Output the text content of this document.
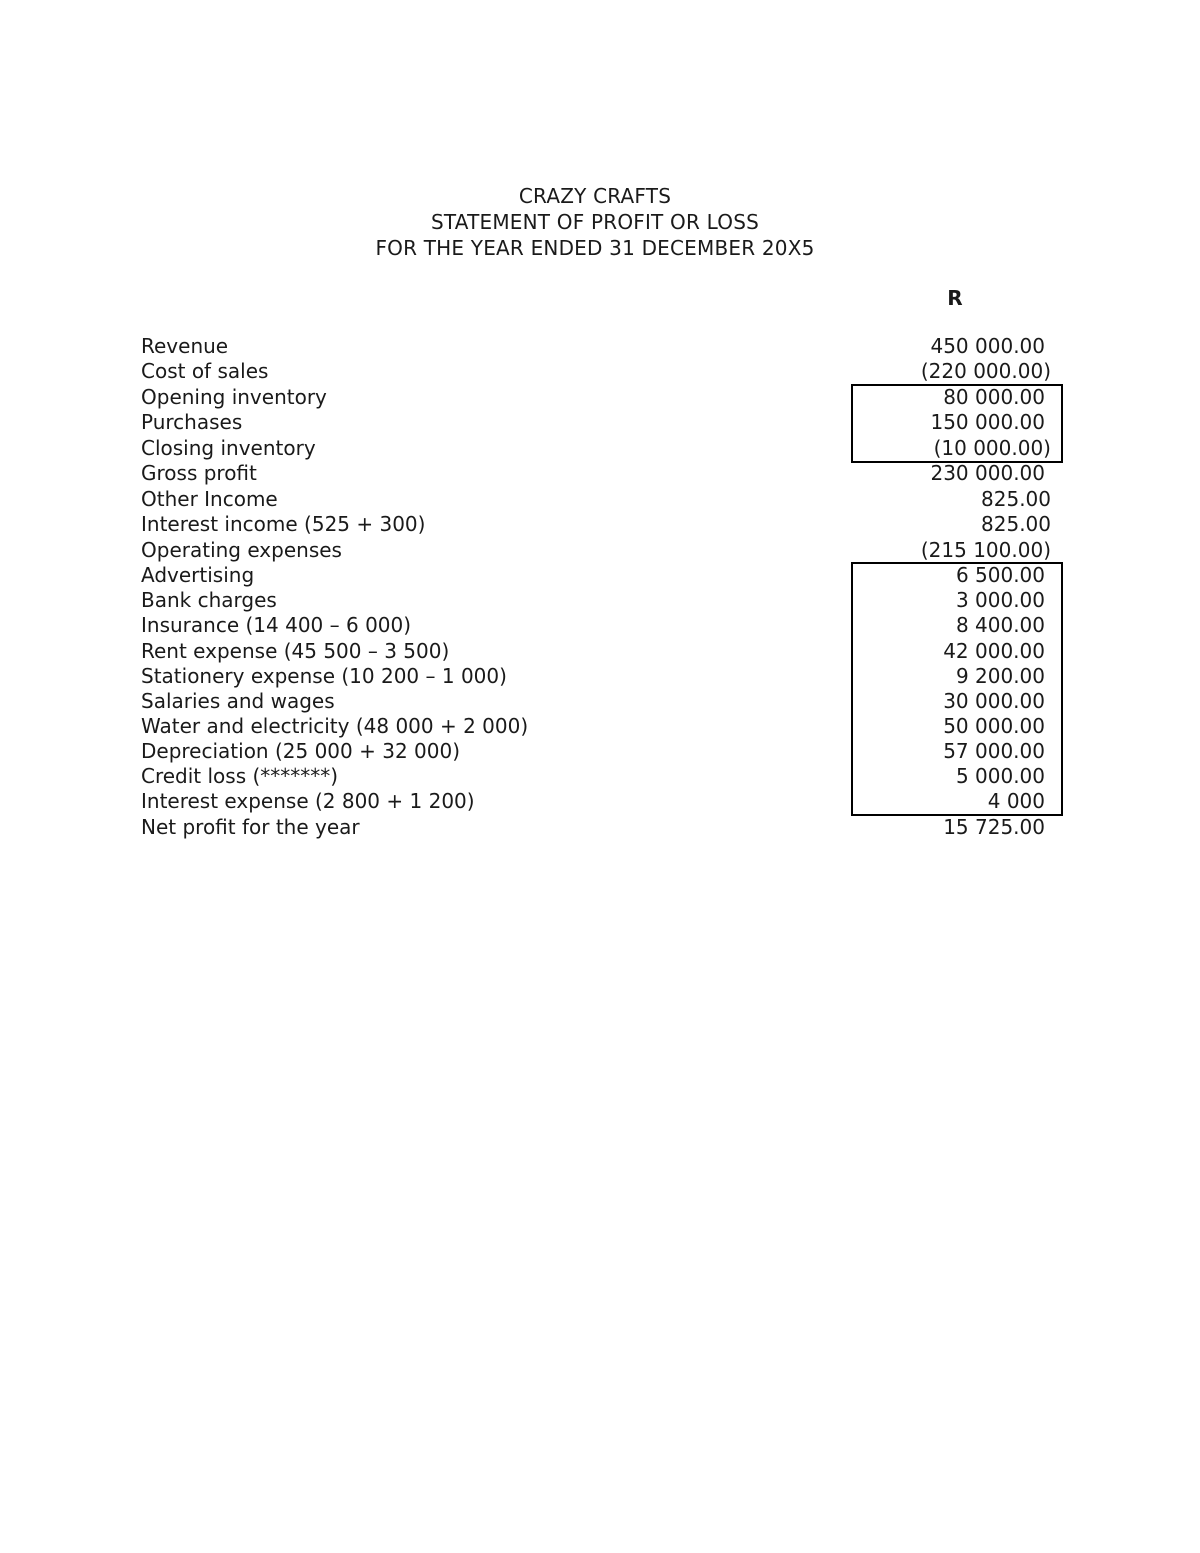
CRAZY CRAFTS
STATEMENT OF PROFIT OR LOSS
FOR THE YEAR ENDED 31 DECEMBER 20X5
R
Revenue	450 000.00
Cost of sales	(220 000.00)
Opening inventory	80 000.00
Purchases	150 000.00
Closing inventory	(10 000.00)
Gross profit	230 000.00
Other Income	825.00
Interest income (525 + 300)	825.00
Operating expenses	(215 100.00)
Advertising	6 500.00
Bank charges	3 000.00
Insurance (14 400 – 6 000)	8 400.00
Rent expense (45 500 – 3 500)	42 000.00
Stationery expense (10 200 – 1 000)	9 200.00
Salaries and wages	30 000.00
Water and electricity (48 000 + 2 000)	50 000.00
Depreciation (25 000 + 32 000)	57 000.00
Credit loss (*******)	5 000.00
Interest expense (2 800 + 1 200)	4 000
Net profit for the year	15 725.00
